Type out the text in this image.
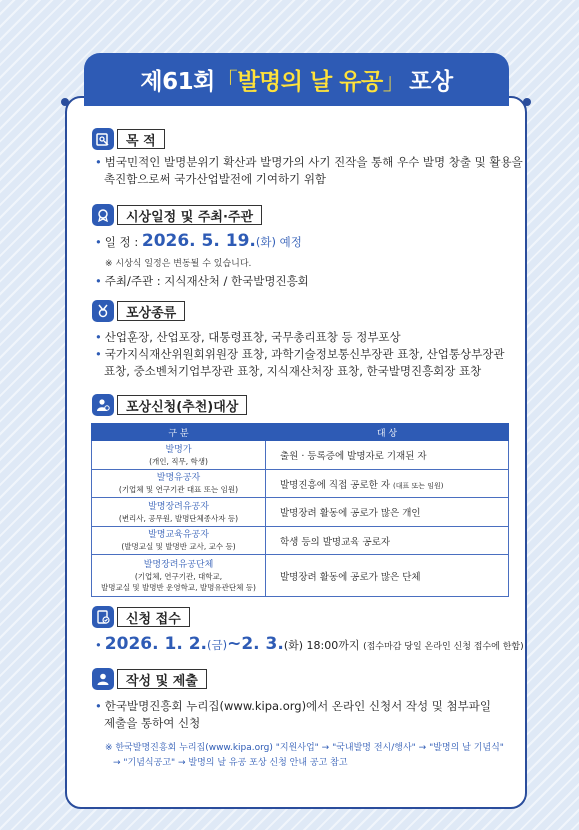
제61회 「 발명의 날 유공 」 포상
목 적
• 범국민적인 발명분위기 확산과 발명가의 사기 진작을 통해 우수 발명 창출 및 활용을
촉진함으로써 국가산업발전에 기여하기 위함
시상일정 및 주최·주관
• 일 정 : 2026. 5. 19.(화) 예정
※ 시상식 일정은 변동될 수 있습니다.
• 주최/주관 : 지식재산처 / 한국발명진흥회
포상종류
• 산업훈장, 산업포장, 대통령표창, 국무총리표창 등 정부포상
• 국가지식재산위원회위원장 표창, 과학기술정보통신부장관 표창, 산업통상부장관
표창, 중소벤처기업부장관 표창, 지식재산처장 표창, 한국발명진흥회장 표창
포상신청(추천)대상
구 분	대 상
발명가
(개인, 직무, 학생)	출원 · 등록증에 발명자로 기재된 자
발명유공자
(기업체 및 연구기관 대표 또는 임원)	발명진흥에 직접 공로한 자 (대표 또는 임원)
발명장려유공자
(변리사, 공무원, 발명단체종사자 등)	발명장려 활동에 공로가 많은 개인
발명교육유공자
(발명교실 및 발명반 교사, 교수 등)	학생 등의 발명교육 공로자
발명장려유공단체
(기업체, 연구기관, 대학교,
발명교실 및 발명반 운영학교, 발명유관단체 등)	발명장려 활동에 공로가 많은 단체
신청 접수
• 2026. 1. 2.(금)~2. 3.(화) 18:00까지 (접수마감 당일 온라인 신청 접수에 한함)
작성 및 제출
• 한국발명진흥회 누리집(www.kipa.org)에서 온라인 신청서 작성 및 첨부파일
제출을 통하여 신청
※ 한국발명진흥회 누리집(www.kipa.org) "지원사업" → "국내발명 전시/행사" → "발명의 날 기념식"
→ "기념식공고" → 발명의 날 유공 포상 신청 안내 공고 참고
